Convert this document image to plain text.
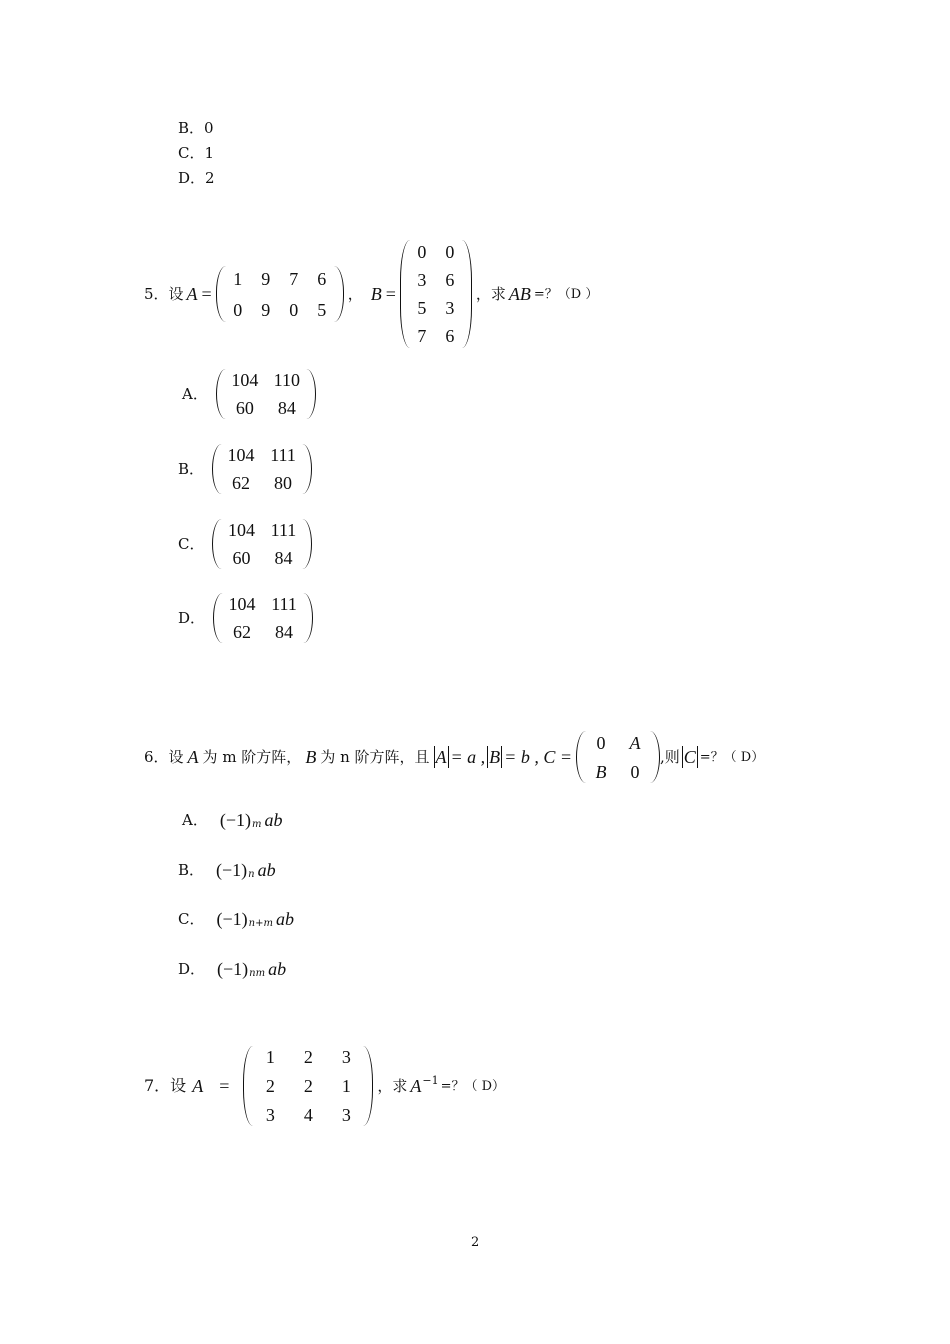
B．0
C．1
D．2
5．设 A =
1 9 7 6
0 9 0 5
， B =
0 0
3 6
5 3
7 6
，求 AB =？（D ）
A．
104 110
60 84
B．
104 111
62 80
C．
104 111
60 84
D．
104 111
62 84
6．设 A 为 m 阶方阵， B 为 n 阶方阵，且 A = a , B = b , C =
0 A
B 0
,则 C =？（ D）
A． (−1) m ab
B． (−1) n ab
C． (−1) n+m ab
D． (−1) nm ab
7．设 A =
1 2 3
2 2 1
3 4 3
，求 A −1 =？（ D）
2
